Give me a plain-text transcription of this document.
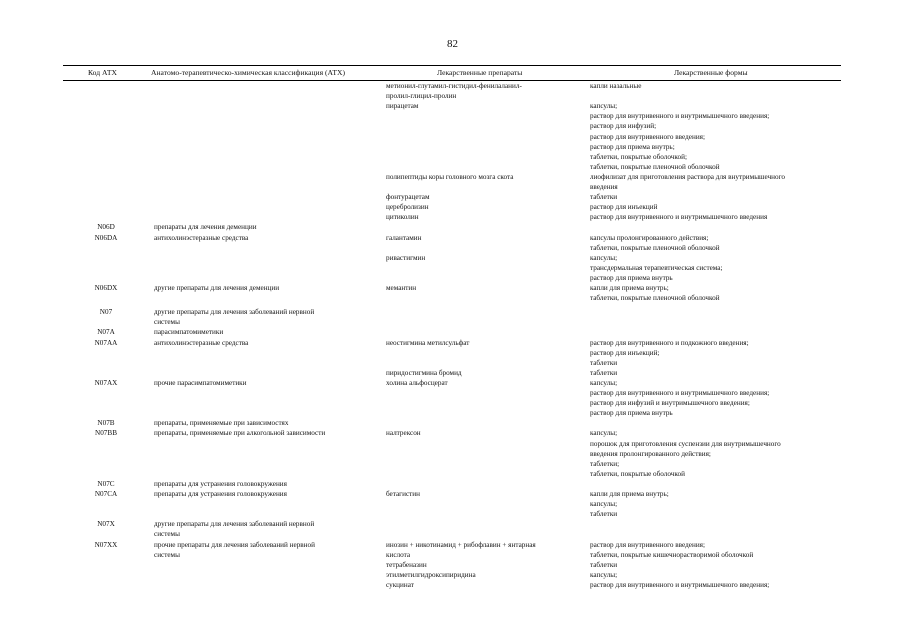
82
Код АТХ	Анатомо-терапевтическо-химическая классификация (АТХ)	Лекарственные препараты	Лекарственные формы
метионил-глутамил-гистидил-фенилаланил-	капли назальные
пролил-глицил-пролин
пирацетам	капсулы;
раствор для внутривенного и внутримышечного введения;
раствор для инфузий;
раствор для внутривенного введения;
раствор для приема внутрь;
таблетки, покрытые оболочкой;
таблетки, покрытые пленочной оболочкой
полипептиды коры головного мозга скота	лиофилизат для приготовления раствора для внутримышечного
введения
фонтурацетам	таблетки
церебролизин	раствор для инъекций
цитиколин	раствор для внутривенного и внутримышечного введения
N06D	препараты для лечения деменции
N06DA	антихолинэстеразные средства	галантамин	капсулы пролонгированного действия;
таблетки, покрытые пленочной оболочкой
ривастигмин	капсулы;
трансдермальная терапевтическая система;
раствор для приема внутрь
N06DX	другие препараты для лечения деменции	мемантин	капли для приема внутрь;
таблетки, покрытые пленочной оболочкой
N07	другие препараты для лечения заболеваний нервной
системы
N07A	парасимпатомиметики
N07AA	антихолинэстеразные средства	неостигмина метилсульфат	раствор для внутривенного и подкожного введения;
раствор для инъекций;
таблетки
пиридостигмина бромид	таблетки
N07AX	прочие парасимпатомиметики	холина альфосцерат	капсулы;
раствор для внутривенного и внутримышечного введения;
раствор для инфузий и внутримышечного введения;
раствор для приема внутрь
N07B	препараты, применяемые при зависимостях
N07BB	препараты, применяемые при алкогольной зависимости	налтрексон	капсулы;
порошок для приготовления суспензии для внутримышечного
введения пролонгированного действия;
таблетки;
таблетки, покрытые оболочкой
N07C	препараты для устранения головокружения
N07CA	препараты для устранения головокружения	бетагистин	капли для приема внутрь;
капсулы;
таблетки
N07X	другие препараты для лечения заболеваний нервной
системы
N07XX	прочие препараты для лечения заболеваний нервной	инозин + никотинамид + рибофлавин + янтарная	раствор для внутривенного введения;
системы	кислота	таблетки, покрытые кишечнорастворимой оболочкой
тетрабеназин	таблетки
этилметилгидроксипиридина	капсулы;
сукцинат	раствор для внутривенного и внутримышечного введения;
